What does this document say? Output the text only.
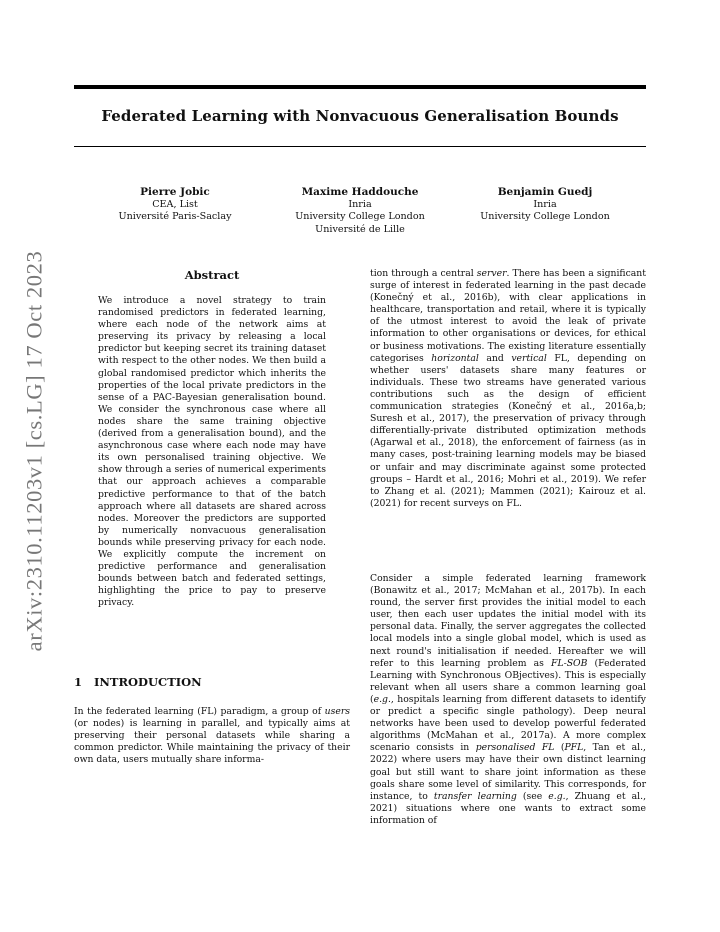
Federated Learning with Nonvacuous Generalisation Bounds
Pierre Jobic
CEA, List
Université Paris-Saclay
Maxime Haddouche
Inria
University College London
Université de Lille
Benjamin Guedj
Inria
University College London
arXiv:2310.11203v1 [cs.LG] 17 Oct 2023	Abstract

We introduce a novel strategy to train randomised predictors in federated learning, where each node of the network aims at preserving its privacy by releasing a local predictor but keeping secret its training dataset with respect to the other nodes. We then build a global randomised predictor which inherits the properties of the local private predictors in the sense of a PAC-Bayesian generalisation bound. We consider the synchronous case where all nodes share the same training objective (derived from a generalisation bound), and the asynchronous case where each node may have its own personalised training objective. We show through a series of numerical experiments that our approach achieves a comparable predictive performance to that of the batch approach where all datasets are shared across nodes. Moreover the predictors are supported by numerically nonvacuous generalisation bounds while preserving privacy for each node. We explicitly compute the increment on predictive performance and generalisation bounds between batch and federated settings, highlighting the price to pay to preserve privacy.

1 INTRODUCTION

In the federated learning (FL) paradigm, a group of users (or nodes) is learning in parallel, and typically aims at preserving their personal datasets while sharing a common predictor. While maintaining the privacy of their own data, users mutually share informa-

tion through a central server. There has been a significant surge of interest in federated learning in the past decade (Konečný et al., 2016b), with clear applications in healthcare, transportation and retail, where it is typically of the utmost interest to avoid the leak of private information to other organisations or devices, for ethical or business motivations. The existing literature essentially categorises horizontal and vertical FL, depending on whether users' datasets share many features or individuals. These two streams have generated various contributions such as the design of efficient communication strategies (Konečný et al., 2016a,b; Suresh et al., 2017), the preservation of privacy through differentially-private distributed optimization methods (Agarwal et al., 2018), the enforcement of fairness (as in many cases, post-training learning models may be biased or unfair and may discriminate against some protected groups – Hardt et al., 2016; Mohri et al., 2019). We refer to Zhang et al. (2021); Mammen (2021); Kairouz et al. (2021) for recent surveys on FL.

Consider a simple federated learning framework (Bonawitz et al., 2017; McMahan et al., 2017b). In each round, the server first provides the initial model to each user, then each user updates the initial model with its personal data. Finally, the server aggregates the collected local models into a single global model, which is used as next round's initialisation if needed. Hereafter we will refer to this learning problem as FL-SOB (Federated Learning with Synchronous OBjectives). This is especially relevant when all users share a common learning goal (e.g., hospitals learning from different datasets to identify or predict a specific single pathology). Deep neural networks have been used to develop powerful federated algorithms (McMahan et al., 2017a). A more complex scenario consists in personalised FL (PFL, Tan et al., 2022) where users may have their own distinct learning goal but still want to share joint information as these goals share some level of similarity. This corresponds, for instance, to transfer learning (see e.g., Zhuang et al., 2021) situations where one wants to extract some information of
